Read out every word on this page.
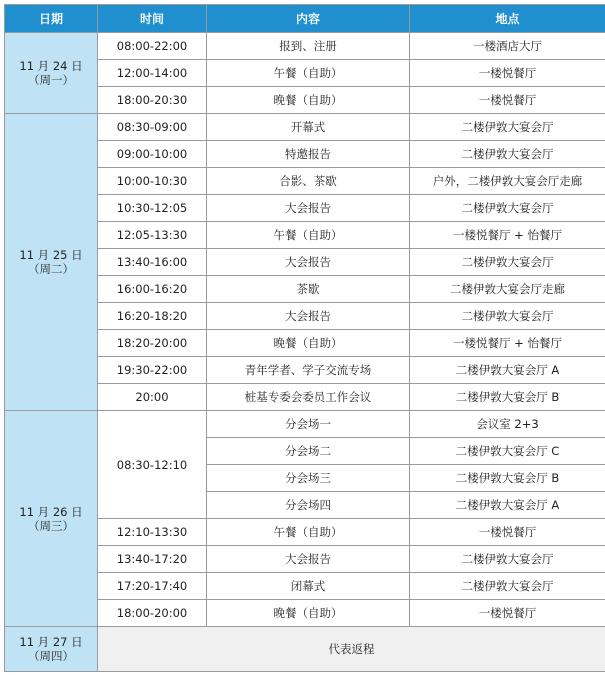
日期	时间	内容	地点

11 月 24 日
（周一）	08:00-22:00	报到、注册	一楼酒店大厅
	12:00-14:00	午餐（自助）	一楼悦餐厅
	18:00-20:30	晚餐（自助）	一楼悦餐厅

11 月 25 日
（周二）	08:30-09:00	开幕式	二楼伊敦大宴会厅
	09:00-10:00	特邀报告	二楼伊敦大宴会厅
	10:00-10:30	合影、茶歇	户外，二楼伊敦大宴会厅走廊
	10:30-12:05	大会报告	二楼伊敦大宴会厅
	12:05-13:30	午餐（自助）	一楼悦餐厅 + 怡餐厅
	13:40-16:00	大会报告	二楼伊敦大宴会厅
	16:00-16:20	茶歇	二楼伊敦大宴会厅走廊
	16:20-18:20	大会报告	二楼伊敦大宴会厅
	18:20-20:00	晚餐（自助）	一楼悦餐厅 + 怡餐厅
	19:30-22:00	青年学者、学子交流专场	二楼伊敦大宴会厅 A
	20:00	桩基专委会委员工作会议	二楼伊敦大宴会厅 B

11 月 26 日
（周三）	08:30-12:10	分会场一	会议室 2+3
		分会场二	二楼伊敦大宴会厅 C
		分会场三	二楼伊敦大宴会厅 B
		分会场四	二楼伊敦大宴会厅 A
	12:10-13:30	午餐（自助）	一楼悦餐厅
	13:40-17:20	大会报告	二楼伊敦大宴会厅
	17:20-17:40	闭幕式	二楼伊敦大宴会厅
	18:00-20:00	晚餐（自助）	一楼悦餐厅

11 月 27 日
（周四）	代表返程		
